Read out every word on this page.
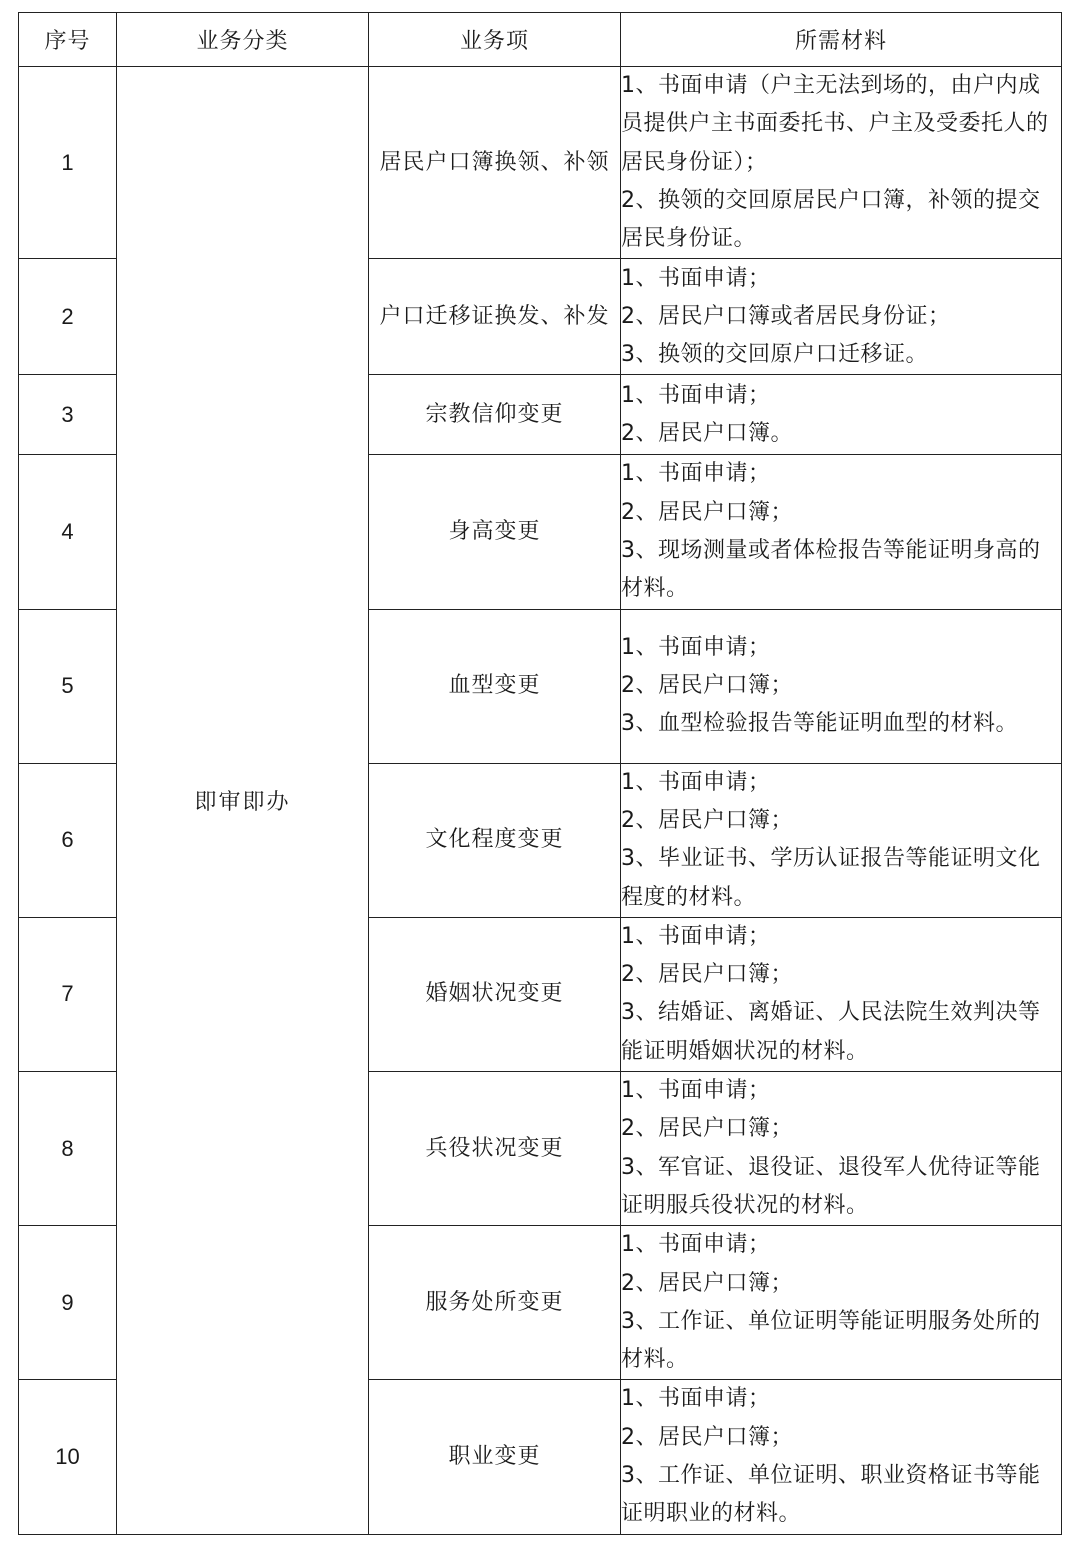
序号	业务分类	业务项	所需材料
1	即审即办	居民户口簿换领、补领	1、书面申请（户主无法到场的，由户内成员提供户主书面委托书、户主及受委托人的居民身份证）；
2、换领的交回原居民户口簿，补领的提交居民身份证。

2		户口迁移证换发、补发	1、书面申请；
2、居民户口簿或者居民身份证；
3、换领的交回原户口迁移证。

3		宗教信仰变更	1、书面申请；
2、居民户口簿。

4		身高变更	1、书面申请；
2、居民户口簿；
3、现场测量或者体检报告等能证明身高的材料。

5		血型变更	1、书面申请；
2、居民户口簿；
3、血型检验报告等能证明血型的材料。

6		文化程度变更	1、书面申请；
2、居民户口簿；
3、毕业证书、学历认证报告等能证明文化程度的材料。

7		婚姻状况变更	1、书面申请；
2、居民户口簿；
3、结婚证、离婚证、人民法院生效判决等能证明婚姻状况的材料。

8		兵役状况变更	1、书面申请；
2、居民户口簿；
3、军官证、退役证、退役军人优待证等能证明服兵役状况的材料。

9		服务处所变更	1、书面申请；
2、居民户口簿；
3、工作证、单位证明等能证明服务处所的材料。

10		职业变更	1、书面申请；
2、居民户口簿；
3、工作证、单位证明、职业资格证书等能证明职业的材料。
